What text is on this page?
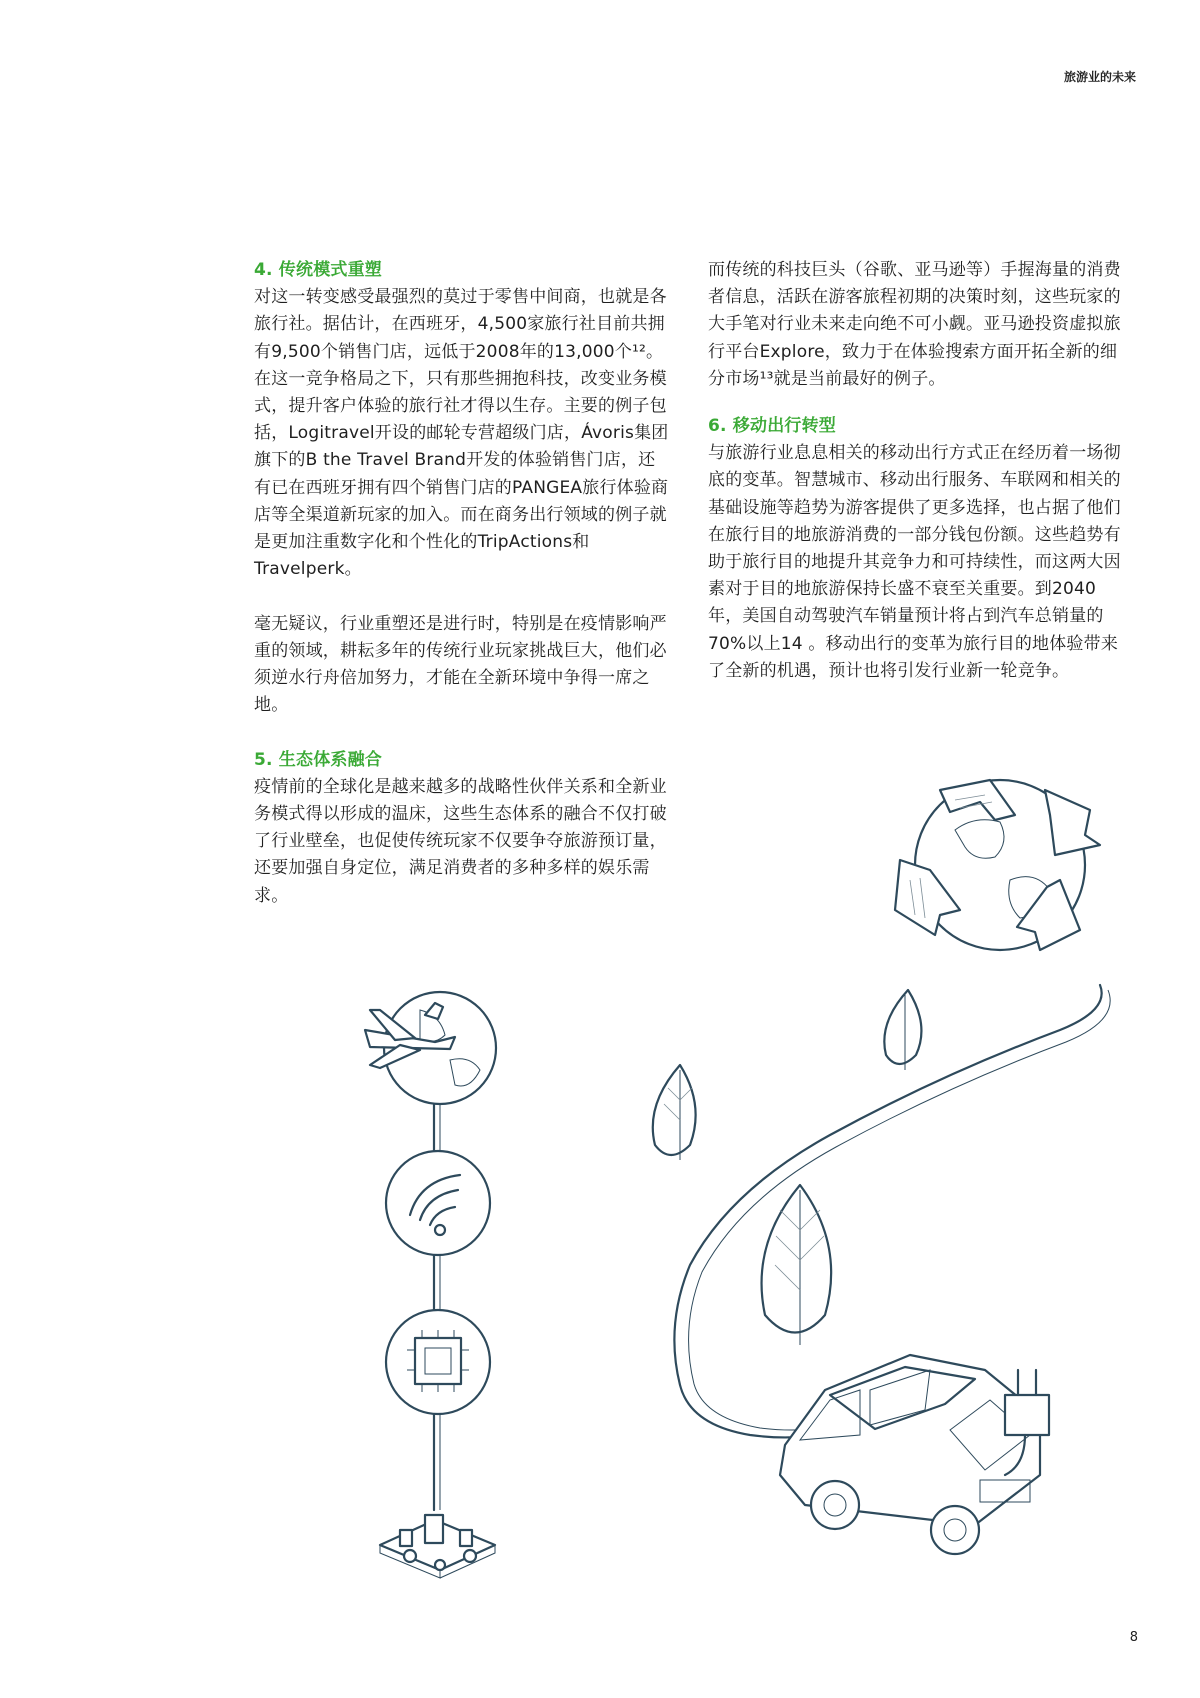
旅游业的未来

4. 传统模式重塑

对这一转变感受最强烈的莫过于零售中间商，也就是各旅行社。据估计，在西班牙，4,500家旅行社目前共拥有9,500个销售门店，远低于2008年的13,000个¹²。在这一竞争格局之下，只有那些拥抱科技，改变业务模式，提升客户体验的旅行社才得以生存。主要的例子包括，Logitravel开设的邮轮专营超级门店，Ávoris集团旗下的B the Travel Brand开发的体验销售门店，还有已在西班牙拥有四个销售门店的PANGEA旅行体验商店等全渠道新玩家的加入。而在商务出行领域的例子就是更加注重数字化和个性化的TripActions和Travelperk。

毫无疑议，行业重塑还是进行时，特别是在疫情影响严重的领域，耕耘多年的传统行业玩家挑战巨大，他们必须逆水行舟倍加努力，才能在全新环境中争得一席之地。

5. 生态体系融合

疫情前的全球化是越来越多的战略性伙伴关系和全新业务模式得以形成的温床，这些生态体系的融合不仅打破了行业壁垒，也促使传统玩家不仅要争夺旅游预订量，还要加强自身定位，满足消费者的多种多样的娱乐需求。

而传统的科技巨头（谷歌、亚马逊等）手握海量的消费者信息，活跃在游客旅程初期的决策时刻，这些玩家的大手笔对行业未来走向绝不可小觑。亚马逊投资虚拟旅行平台Explore，致力于在体验搜索方面开拓全新的细分市场¹³就是当前最好的例子。

6. 移动出行转型

与旅游行业息息相关的移动出行方式正在经历着一场彻底的变革。智慧城市、移动出行服务、车联网和相关的基础设施等趋势为游客提供了更多选择，也占据了他们在旅行目的地旅游消费的一部分钱包份额。这些趋势有助于旅行目的地提升其竞争力和可持续性，而这两大因素对于目的地旅游保持长盛不衰至关重要。到2040年，美国自动驾驶汽车销量预计将占到汽车总销量的70%以上14 。移动出行的变革为旅行目的地体验带来了全新的机遇，预计也将引发行业新一轮竞争。

8
